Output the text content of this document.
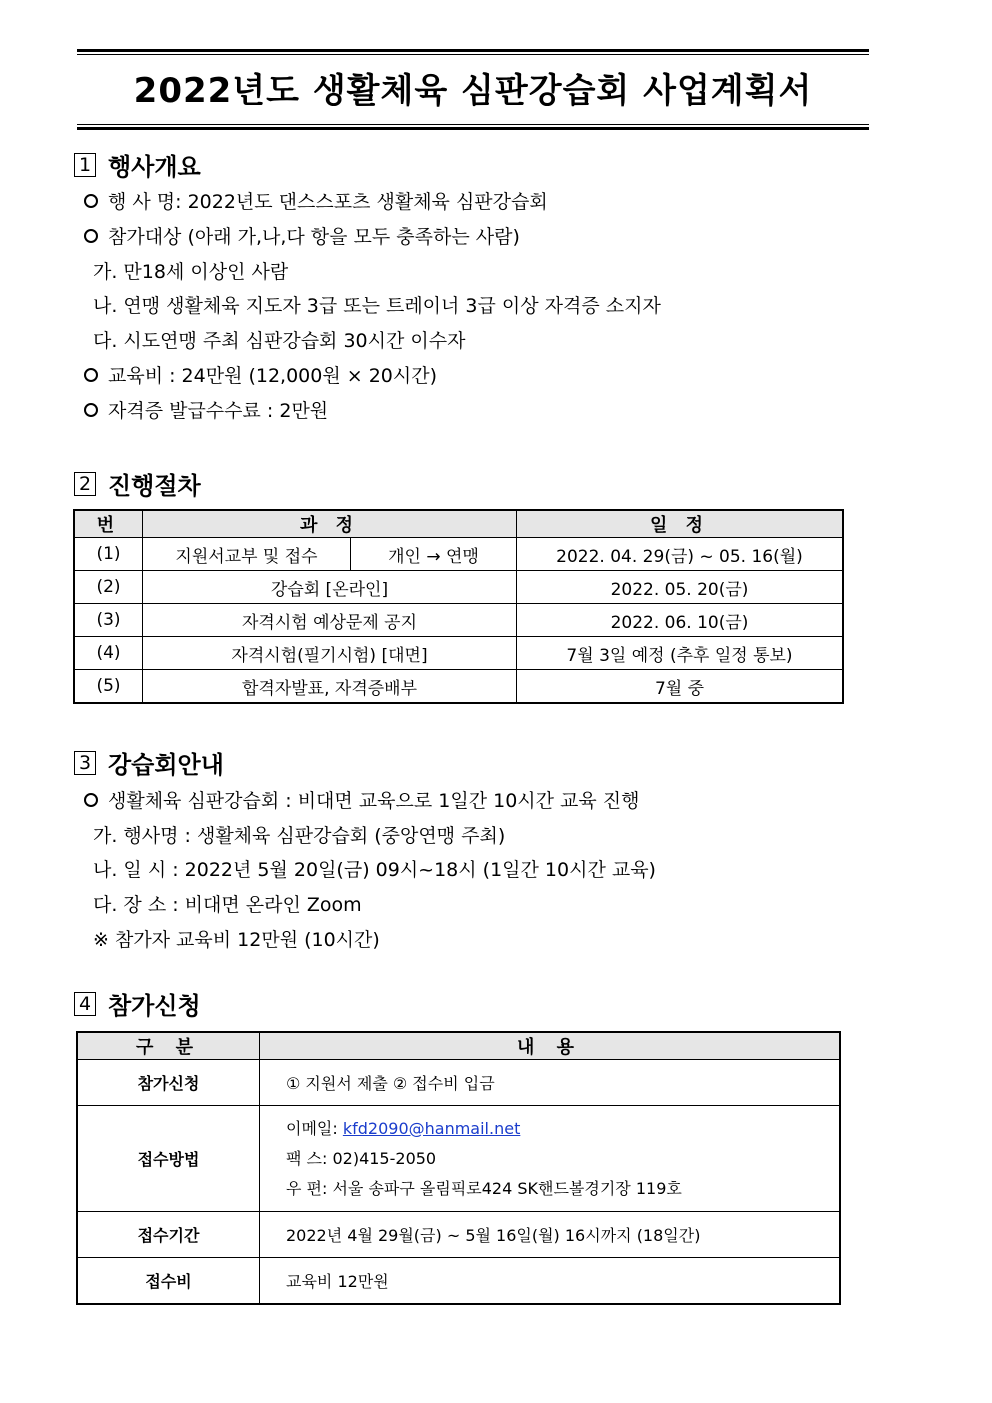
2022년도 생활체육 심판강습회 사업계획서
1 행사개요
행 사 명: 2022년도 댄스스포츠 생활체육 심판강습회
참가대상 (아래 가,나,다 항을 모두 충족하는 사람)
가. 만18세 이상인 사람
나. 연맹 생활체육 지도자 3급 또는 트레이너 3급 이상 자격증 소지자
다. 시도연맹 주최 심판강습회 30시간 이수자
교육비 : 24만원 (12,000원 × 20시간)
자격증 발급수수료 : 2만원
2 진행절차
번	과 정		일 정
(1)	지원서교부 및 접수	개인 → 연맹	2022. 04. 29(금) ~ 05. 16(월)
(2)	강습회 [온라인]		2022. 05. 20(금)
(3)	자격시험 예상문제 공지		2022. 06. 10(금)
(4)	자격시험(필기시험) [대면]		7월 3일 예정 (추후 일정 통보)
(5)	합격자발표, 자격증배부		7월 중
3 강습회안내
생활체육 심판강습회 : 비대면 교육으로 1일간 10시간 교육 진행
가. 행사명 : 생활체육 심판강습회 (중앙연맹 주최)
나. 일 시 : 2022년 5월 20일(금) 09시~18시 (1일간 10시간 교육)
다. 장 소 : 비대면 온라인 Zoom
※ 참가자 교육비 12만원 (10시간)
4 참가신청
구 분	내 용
참가신청	① 지원서 제출 ② 접수비 입금
접수방법	이메일: kfd2090@hanmail.net
팩 스: 02)415-2050
우 편: 서울 송파구 올림픽로424 SK핸드볼경기장 119호

접수기간	2022년 4월 29월(금) ~ 5월 16일(월) 16시까지 (18일간)
접수비	교육비 12만원
